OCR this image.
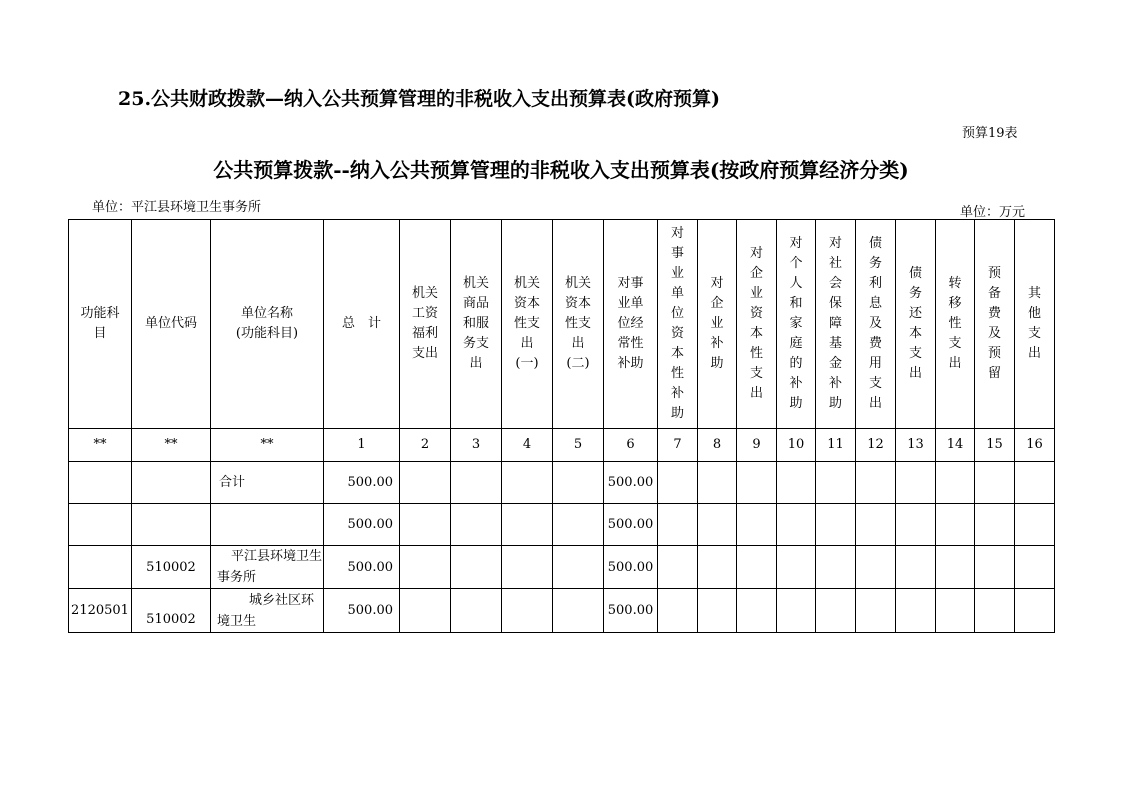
25.公共财政拨款—纳入公共预算管理的非税收入支出预算表(政府预算)
预算19表
公共预算拨款--纳入公共预算管理的非税收入支出预算表(按政府预算经济分类)
单位：平江县环境卫生事务所	单位：万元
功能科目	单位代码	单位名称(功能科目)	总　计	机关工资福利支出	机关商品和服务支出	机关资本性支出(一)	机关资本性支出(二)	对事业单位经常性补助	对事业单位资本性补助	对企业补助	对企业资本性支出	对个人和家庭的补助	对社会保障基金补助	债务利息及费用支出	债务还本支出	转移性支出	预备费及预留	其他支出
**	**	**	1	2	3	4	5	6	7	8	9	10	11	12	13	14	15	16
		合计	500.00					500.00										
			500.00					500.00										
	510002	平江县环境卫生事务所	500.00					500.00										
2120501	510002	城乡社区环境卫生	500.00					500.00										
